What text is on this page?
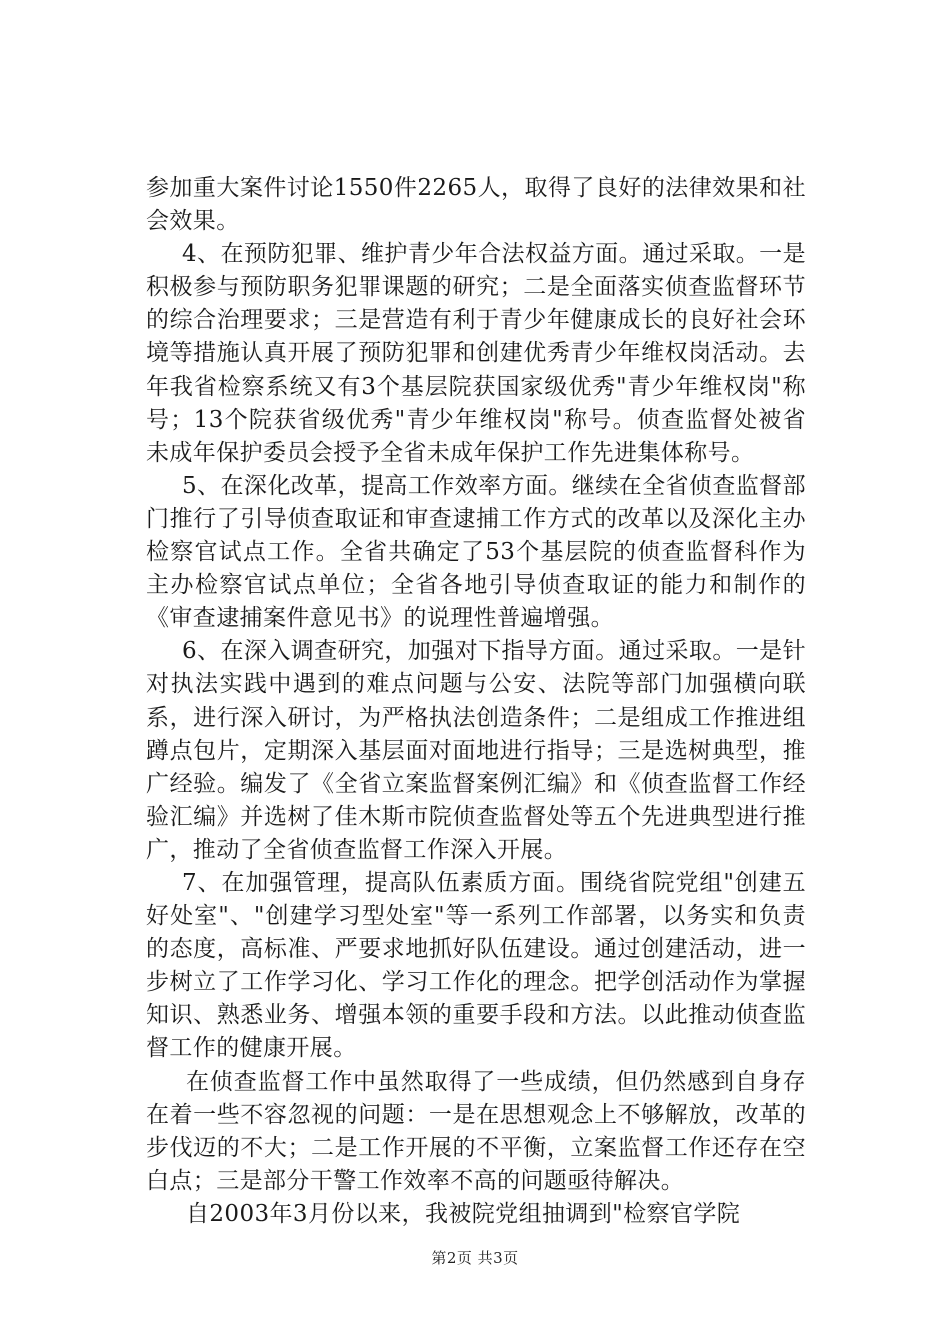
参加重大案件讨论1550件2265人，取得了良好的法律效果和社会效果。

4、在预防犯罪、维护青少年合法权益方面。通过采取。一是积极参与预防职务犯罪课题的研究；二是全面落实侦查监督环节的综合治理要求；三是营造有利于青少年健康成长的良好社会环境等措施认真开展了预防犯罪和创建优秀青少年维权岗活动。去年我省检察系统又有3个基层院获国家级优秀"青少年维权岗"称号；13个院获省级优秀"青少年维权岗"称号。侦查监督处被省未成年保护委员会授予全省未成年保护工作先进集体称号。

5、在深化改革，提高工作效率方面。继续在全省侦查监督部门推行了引导侦查取证和审查逮捕工作方式的改革以及深化主办检察官试点工作。全省共确定了53个基层院的侦查监督科作为主办检察官试点单位；全省各地引导侦查取证的能力和制作的《审查逮捕案件意见书》的说理性普遍增强。

6、在深入调查研究，加强对下指导方面。通过采取。一是针对执法实践中遇到的难点问题与公安、法院等部门加强横向联系，进行深入研讨，为严格执法创造条件；二是组成工作推进组蹲点包片，定期深入基层面对面地进行指导；三是选树典型，推广经验。编发了《全省立案监督案例汇编》和《侦查监督工作经验汇编》并选树了佳木斯市院侦查监督处等五个先进典型进行推广，推动了全省侦查监督工作深入开展。

7、在加强管理，提高队伍素质方面。围绕省院党组"创建五好处室"、"创建学习型处室"等一系列工作部署，以务实和负责的态度，高标准、严要求地抓好队伍建设。通过创建活动，进一步树立了工作学习化、学习工作化的理念。把学创活动作为掌握知识、熟悉业务、增强本领的重要手段和方法。以此推动侦查监督工作的健康开展。

在侦查监督工作中虽然取得了一些成绩，但仍然感到自身存在着一些不容忽视的问题：一是在思想观念上不够解放，改革的步伐迈的不大；二是工作开展的不平衡，立案监督工作还存在空白点；三是部分干警工作效率不高的问题亟待解决。

自2003年3月份以来，我被院党组抽调到"检察官学院

第2页 共3页
